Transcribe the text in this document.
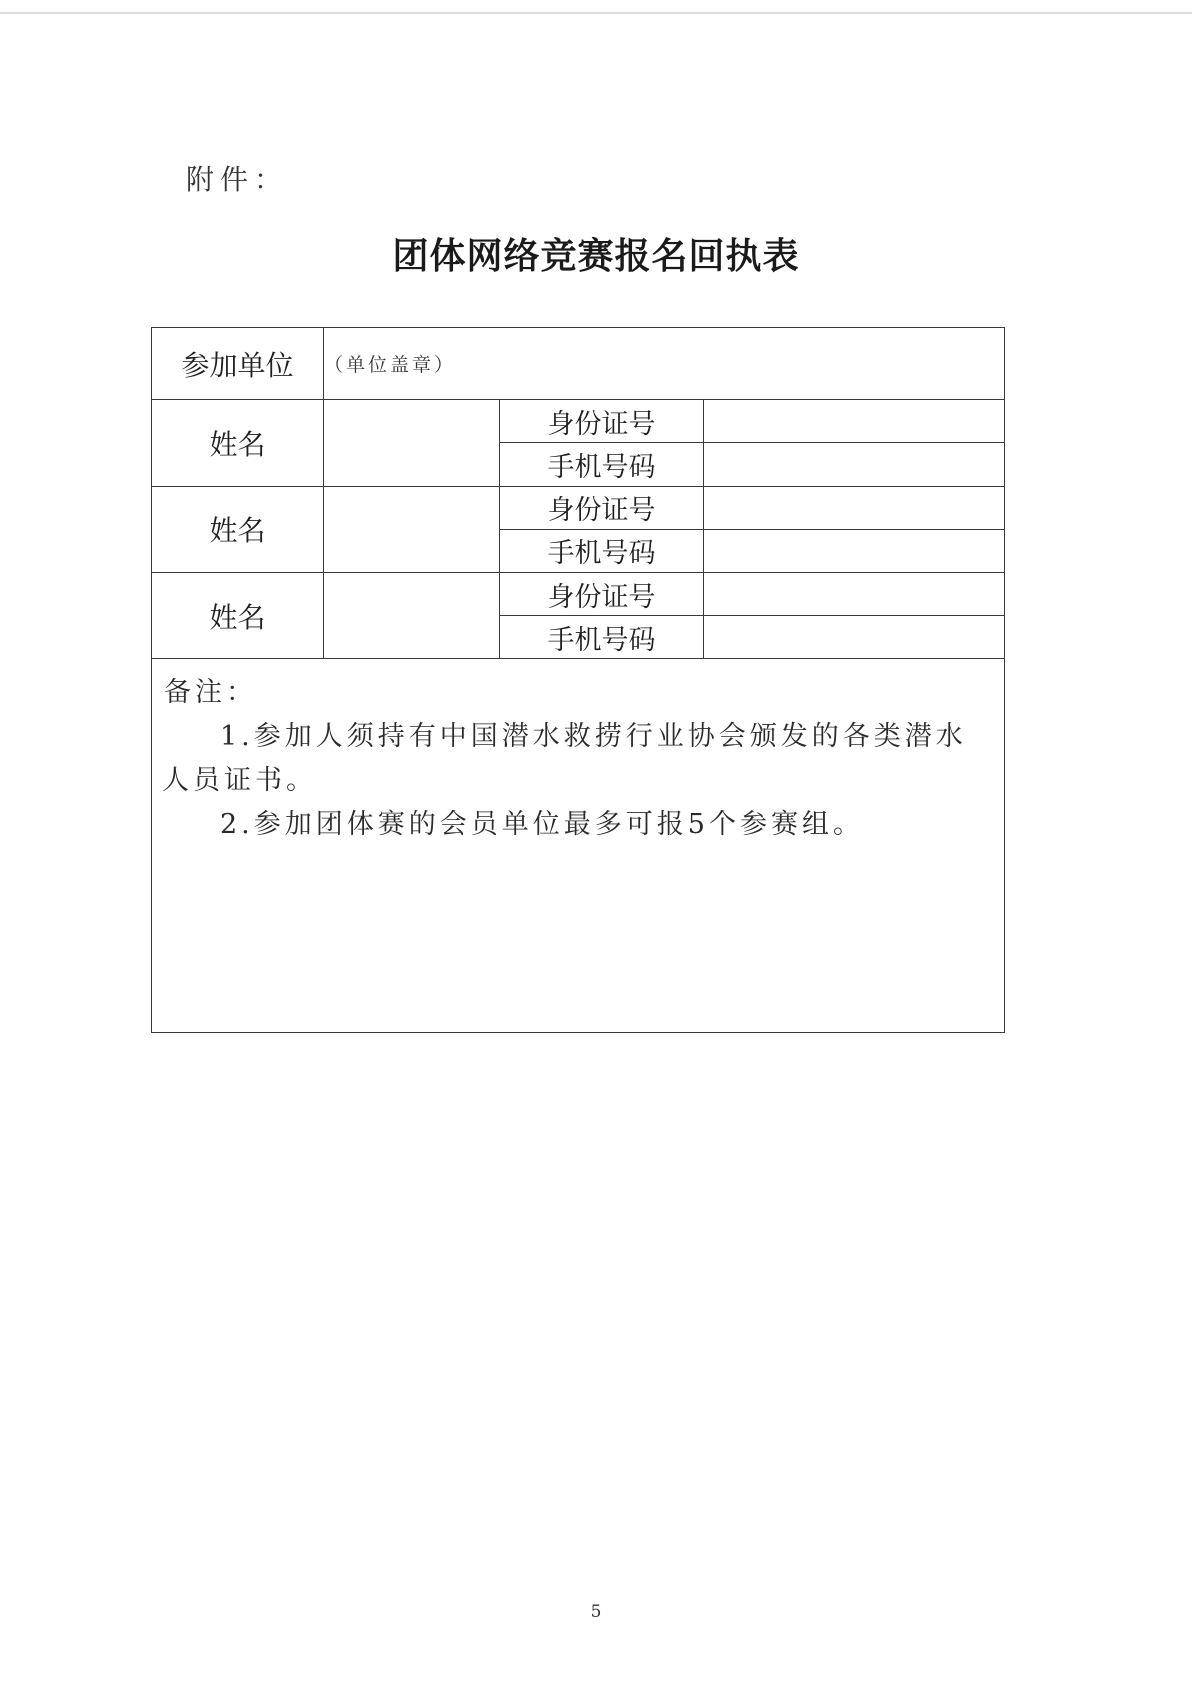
附件：
团体网络竞赛报名回执表
参加单位	（单位盖章）		
姓名		身份证号	
		手机号码	
姓名		身份证号	
		手机号码	
姓名		身份证号	
		手机号码	

备注：
1.参加人须持有中国潜水救捞行业协会颁发的各类潜水人员证书。
2.参加团体赛的会员单位最多可报5个参赛组。			
5
